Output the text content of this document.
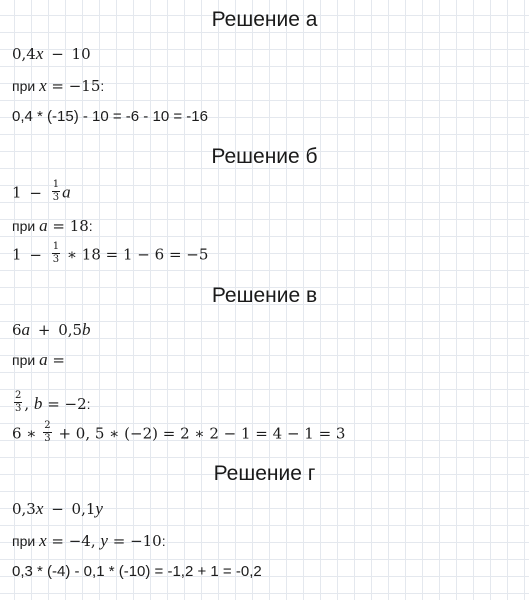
Решение а
0,4x − 10
при x = −15:
0,4 * (-15) - 10 = -6 - 10 = -16
Решение б
$1 - \frac{1}{3}$ a
при a = 18:
$1 - \frac{1}{3}$ ∗ 18 = 1 − 6 = −5
Решение в
6a + 0,5b
при a =
$\frac{2}{3}$ , b = −2:
6 ∗ $\frac{2}{3} + 0$, 5 ∗ (−2) = 2 ∗ 2 − 1 = 4 − 1 = 3
Решение г
0,3x − 0,1y
при x = −4, y = −10:
0,3 * (-4) - 0,1 * (-10) = -1,2 + 1 = -0,2
